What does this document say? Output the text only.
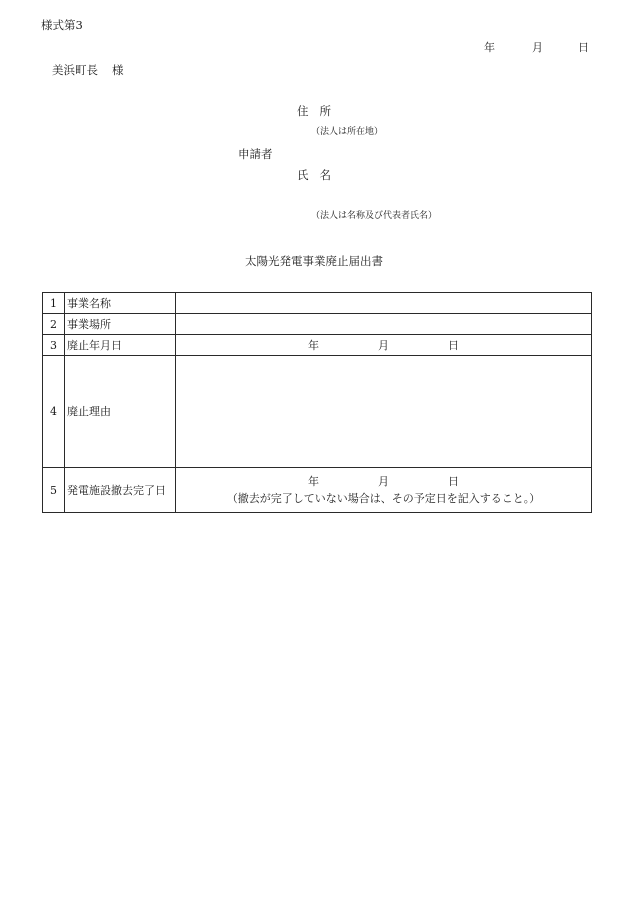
様式第3
年	月	日
美浜町長 様
住所
（法人は所在地）
申請者
氏名
（法人は名称及び代表者氏名）
太陽光発電事業廃止届出書
1	事業名称	
2	事業場所	
3	廃止年月日	年 月 日

4	廃止理由	
5	発電施設撤去完了日	年 月 日
（撤去が完了していない場合は、その予定日を記入すること。）
